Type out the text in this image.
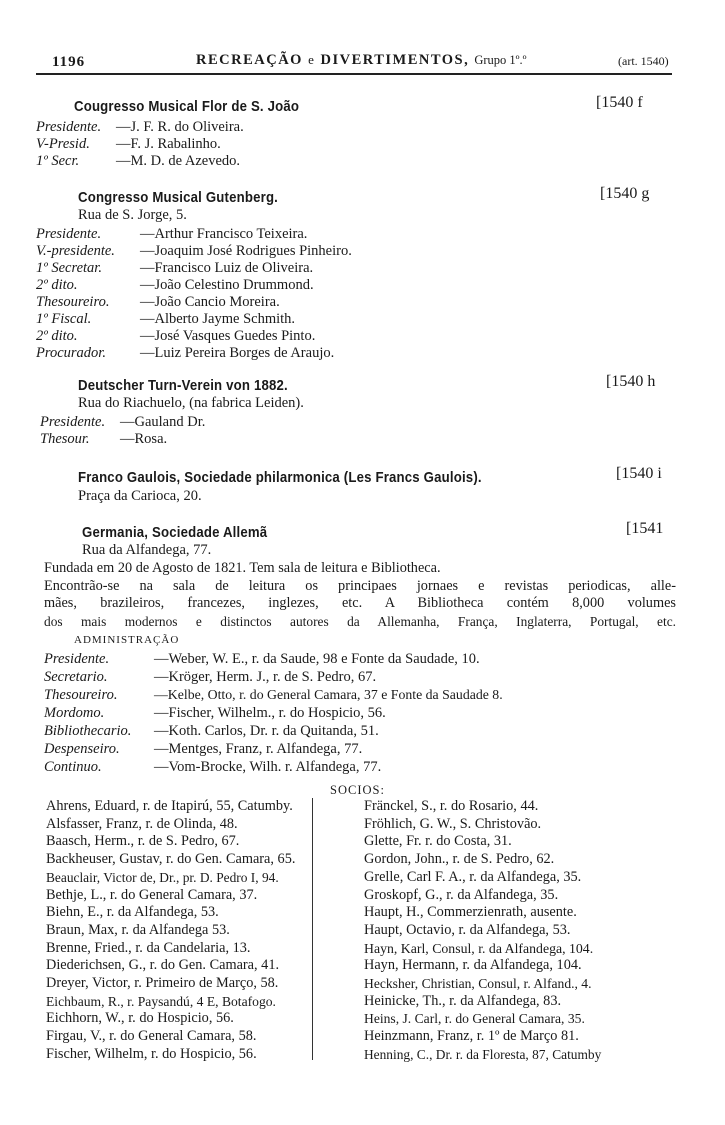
1196	RECREAÇÃO e DIVERTIMENTOS, Grupo 1º.º	(art. 1540)
Cougresso Musical Flor de S. João	[1540 f
Presidente. —J. F. R. do Oliveira.
V-Presid. —F. J. Rabalinho.
1º Secr.	—M. D. de Azevedo.
Congresso Musical Gutenberg.	[1540 g
Rua de S. Jorge, 5.
Presidente.	—Arthur Francisco Teixeira.
V.-presidente. —Joaquim José Rodrigues Pinheiro.
1º Secretar.	—Francisco Luiz de Oliveira.
2º dito.	—João Celestino Drummond.
Thesoureiro. —João Cancio Moreira.
1º Fiscal.	—Alberto Jayme Schmith.
2º dito.	—José Vasques Guedes Pinto.
Procurador. —Luiz Pereira Borges de Araujo.
Deutscher Turn-Verein von 1882.	[1540 h
Rua do Riachuelo, (na fabrica Leiden).
Presidente. —Gauland Dr.
Thesour. —Rosa.
Franco Gaulois, Sociedade philarmonica (Les Francs Gaulois).	[1540 i
Praça da Carioca, 20.
Germania, Sociedade Allemã	[1541
Rua da Alfandega, 77.
Fundada em 20 de Agosto de 1821. Tem sala de leitura e Bibliotheca.
Encontrão-se na sala de leitura os principaes jornaes e revistas periodicas, alle-
mães, brazileiros, francezes, inglezes, etc. A Bibliotheca contém 8,000 volumes
dos mais modernos e distinctos autores da Allemanha, França, Inglaterra, Portugal, etc.
ADMINISTRAÇÃO
Presidente.	—Weber, W. E., r. da Saude, 98 e Fonte da Saudade, 10.
Secretario.	—Kröger, Herm. J., r. de S. Pedro, 67.
Thesoureiro.	—Kelbe, Otto, r. do General Camara, 37 e Fonte da Saudade 8.
Mordomo.	—Fischer, Wilhelm., r. do Hospicio, 56.
Bibliothecario. —Koth. Carlos, Dr. r. da Quitanda, 51.
Despenseiro. —Mentges, Franz, r. Alfandega, 77.
Continuo.	—Vom-Brocke, Wilh. r. Alfandega, 77.
SOCIOS:
Ahrens, Eduard, r. de Itapirú, 55, Catumby.
Alsfasser, Franz, r. de Olinda, 48.
Baasch, Herm., r. de S. Pedro, 67.
Backheuser, Gustav, r. do Gen. Camara, 65.
Beauclair, Victor de, Dr., pr. D. Pedro I, 94.
Bethje, L., r. do General Camara, 37.
Biehn, E., r. da Alfandega, 53.
Braun, Max, r. da Alfandega 53.
Brenne, Fried., r. da Candelaria, 13.
Diederichsen, G., r. do Gen. Camara, 41.
Dreyer, Victor, r. Primeiro de Março, 58.
Eichbaum, R., r. Paysandú, 4 E, Botafogo.
Eichhorn, W., r. do Hospicio, 56.
Firgau, V., r. do General Camara, 58.
Fischer, Wilhelm, r. do Hospicio, 56.
Fränckel, S., r. do Rosario, 44.
Fröhlich, G. W., S. Christovão.
Glette, Fr. r. do Costa, 31.
Gordon, John., r. de S. Pedro, 62.
Grelle, Carl F. A., r. da Alfandega, 35.
Groskopf, G., r. da Alfandega, 35.
Haupt, H., Commerzienrath, ausente.
Haupt, Octavio, r. da Alfandega, 53.
Hayn, Karl, Consul, r. da Alfandega, 104.
Hayn, Hermann, r. da Alfandega, 104.
Hecksher, Christian, Consul, r. Alfand., 4.
Heinicke, Th., r. da Alfandega, 83.
Heins, J. Carl, r. do General Camara, 35.
Heinzmann, Franz, r. 1º de Março 81.
Henning, C., Dr. r. da Floresta, 87, Catumby
